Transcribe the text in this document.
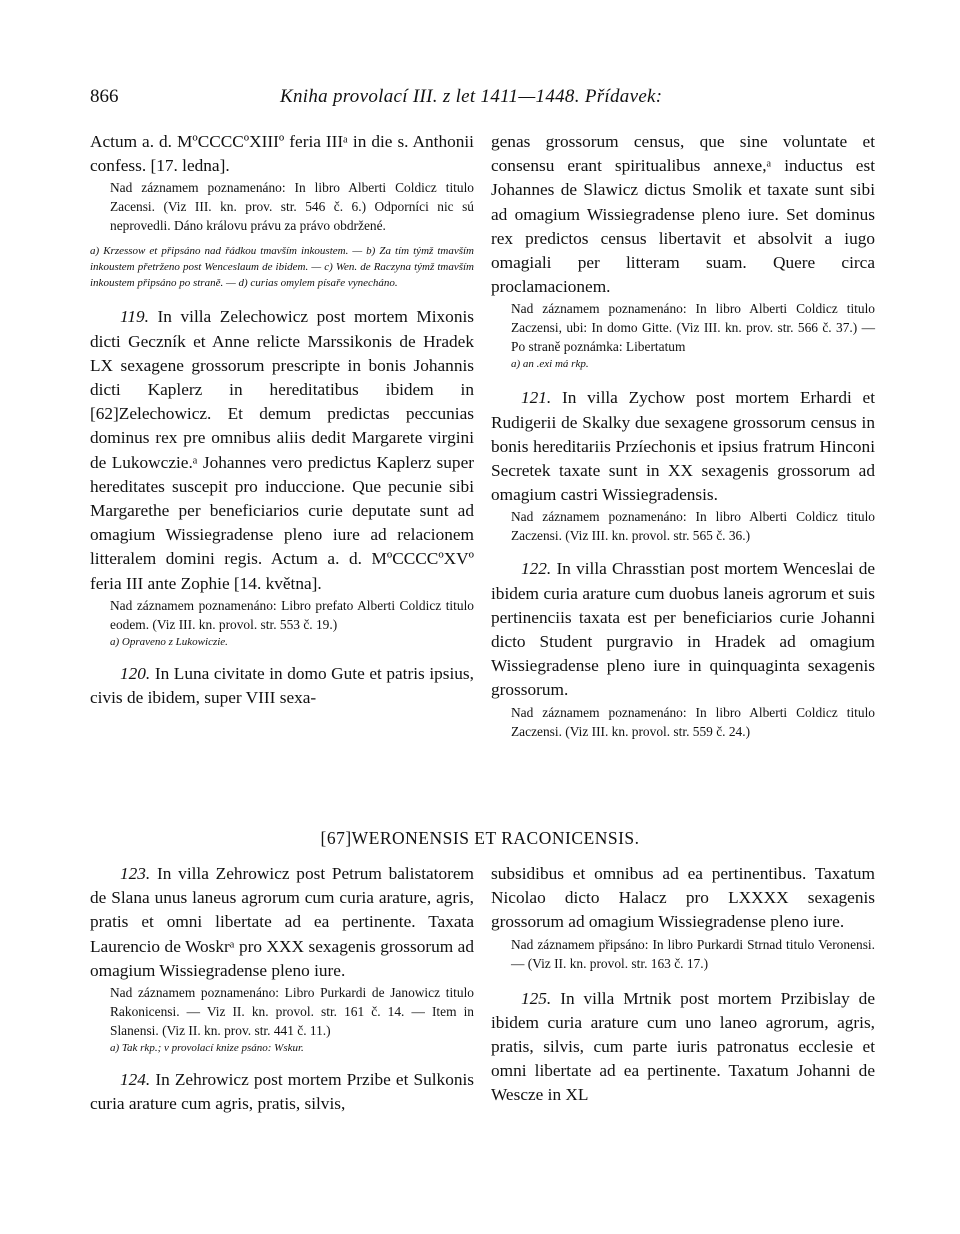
866	Kniha provolací III. z let 1411—1448. Přídavek:

Actum a. d. MºCCCCºXIIIº feria IIIᵃ in die s. Anthonii confess. [17. ledna].

Nad záznamem poznamenáno: In libro Alberti Coldicz titulo Zacensi. (Viz III. kn. prov. str. 546 č. 6.) Odporníci nic sú neprovedli. Dáno královu právu za právo obdržené.

a) Krzessow et připsáno nad řádkou tmavším inkoustem. — b) Za tím týmž tmavším inkoustem přetrženo post Wenceslaum de ibidem. — c) Wen. de Raczyna týmž tmavším inkoustem připsáno po straně. — d) curias omylem písaře vynecháno.

119. In villa Zelechowicz post mortem Mixonis dicti Geczník et Anne relicte Marssikonis de Hradek LX sexagene grossorum prescripte in bonis Johannis dicti Kaplerz in hereditatibus ibidem in [62]Zelechowicz. Et demum predictas peccunias dominus rex pre omnibus aliis dedit Margarete virgini de Lukowczie.ᵃ Johannes vero predictus Kaplerz super hereditates suscepit pro induccione. Que pecunie sibi Margarethe per beneficiarios curie deputate sunt ad omagium Wissiegradense pleno iure ad relacionem litteralem domini regis. Actum a. d. MºCCCCºXVº feria III ante Zophie [14. května].

Nad záznamem poznamenáno: Libro prefato Alberti Coldicz titulo eodem. (Viz III. kn. provol. str. 553 č. 19.)

a) Opraveno z Lukowiczie.

120. In Luna civitate in domo Gute et patris ipsius, civis de ibidem, super VIII sexa-

genas grossorum census, que sine voluntate et consensu erant spiritualibus annexe,ᵃ inductus est Johannes de Slawicz dictus Smolik et taxate sunt sibi ad omagium Wissiegradense pleno iure. Set dominus rex predictos census libertavit et absolvit a iugo omagiali per litteram suam. Quere circa proclamacionem.

Nad záznamem poznamenáno: In libro Alberti Coldicz titulo Zaczensi, ubi: In domo Gitte. (Viz III. kn. prov. str. 566 č. 37.) — Po straně poznámka: Libertatum

a) an .exi má rkp.

121. In villa Zychow post mortem Erhardi et Rudigerii de Skalky due sexagene grossorum census in bonis hereditariis Przíechonis et ipsius fratrum Hinconi Secretek taxate sunt in XX sexagenis grossorum ad omagium castri Wissiegradensis.

Nad záznamem poznamenáno: In libro Alberti Coldicz titulo Zaczensi. (Viz III. kn. provol. str. 565 č. 36.)

122. In villa Chrasstian post mortem Wenceslai de ibidem curia arature cum duobus laneis agrorum et suis pertinenciis taxata est per beneficiarios curie Johanni dicto Student purgravio in Hradek ad omagium Wissiegradense pleno iure in quinquaginta sexagenis grossorum.

Nad záznamem poznamenáno: In libro Alberti Coldicz titulo Zaczensi. (Viz III. kn. provol. str. 559 č. 24.)

[67]WERONENSIS ET RACONICENSIS.

123. In villa Zehrowicz post Petrum balistatorem de Slana unus laneus agrorum cum curia arature, agris, pratis et omni libertate ad ea pertinente. Taxata Laurencio de Woskrᵃ pro XXX sexagenis grossorum ad omagium Wissiegradense pleno iure.

Nad záznamem poznamenáno: Libro Purkardi de Janowicz titulo Rakonicensi. — Viz II. kn. provol. str. 161 č. 14. — Item in Slanensi. (Viz II. kn. prov. str. 441 č. 11.)

a) Tak rkp.; v provolací knize psáno: Wskur.

124. In Zehrowicz post mortem Przibe et Sulkonis curia arature cum agris, pratis, silvis,

subsidibus et omnibus ad ea pertinentibus. Taxatum Nicolao dicto Halacz pro LXXXX sexagenis grossorum ad omagium Wissiegradense pleno iure.

Nad záznamem připsáno: In libro Purkardi Strnad titulo Veronensi. — (Viz II. kn. provol. str. 163 č. 17.)

125. In villa Mrtnik post mortem Przibislay de ibidem curia arature cum uno laneo agrorum, agris, pratis, silvis, cum parte iuris patronatus ecclesie et omni libertate ad ea pertinente. Taxatum Johanni de Wescze in XL
